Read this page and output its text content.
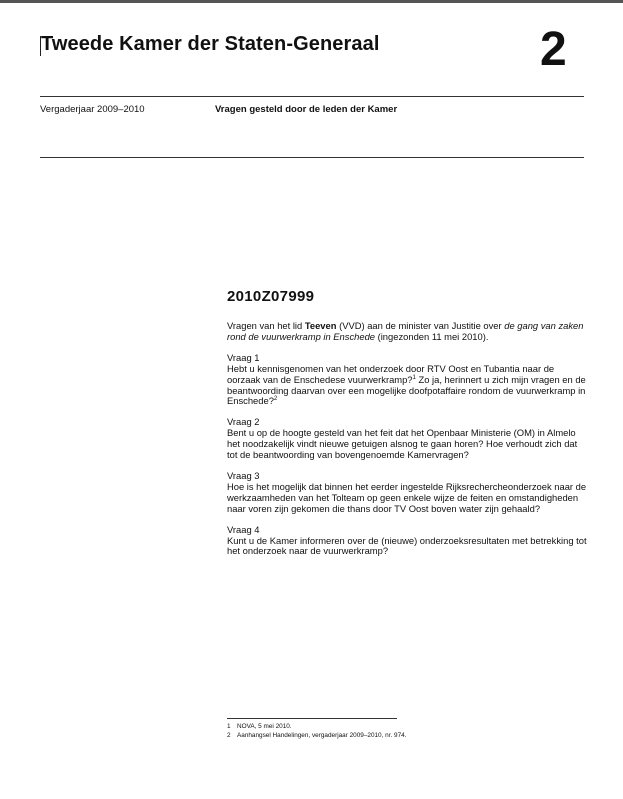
Tweede Kamer der Staten-Generaal	2
Vergaderjaar 2009–2010	Vragen gesteld door de leden der Kamer
2010Z07999

Vragen van het lid Teeven (VVD) aan de minister van Justitie over de gang van zaken rond de vuurwerkramp in Enschede (ingezonden 11 mei 2010).

Vraag 1
Hebt u kennisgenomen van het onderzoek door RTV Oost en Tubantia naar de oorzaak van de Enschedese vuurwerkramp?$^1$ Zo ja, herinnert u zich mijn vragen en de beantwoording daarvan over een mogelijke doofpotaffaire rondom de vuurwerkramp in Enschede?$^2$

Vraag 2
Bent u op de hoogte gesteld van het feit dat het Openbaar Ministerie (OM) in Almelo het noodzakelijk vindt nieuwe getuigen alsnog te gaan horen? Hoe verhoudt zich dat tot de beantwoording van bovengenoemde Kamervragen?

Vraag 3
Hoe is het mogelijk dat binnen het eerder ingestelde Rijksrechercheonderzoek naar de werkzaamheden van het Tolteam op geen enkele wijze de feiten en omstandigheden naar voren zijn gekomen die thans door TV Oost boven water zijn gehaald?

Vraag 4
Kunt u de Kamer informeren over de (nieuwe) onderzoeksresultaten met betrekking tot het onderzoek naar de vuurwerkramp?

1 NOVA, 5 mei 2010.
2 Aanhangsel Handelingen, vergaderjaar 2009–2010, nr. 974.
